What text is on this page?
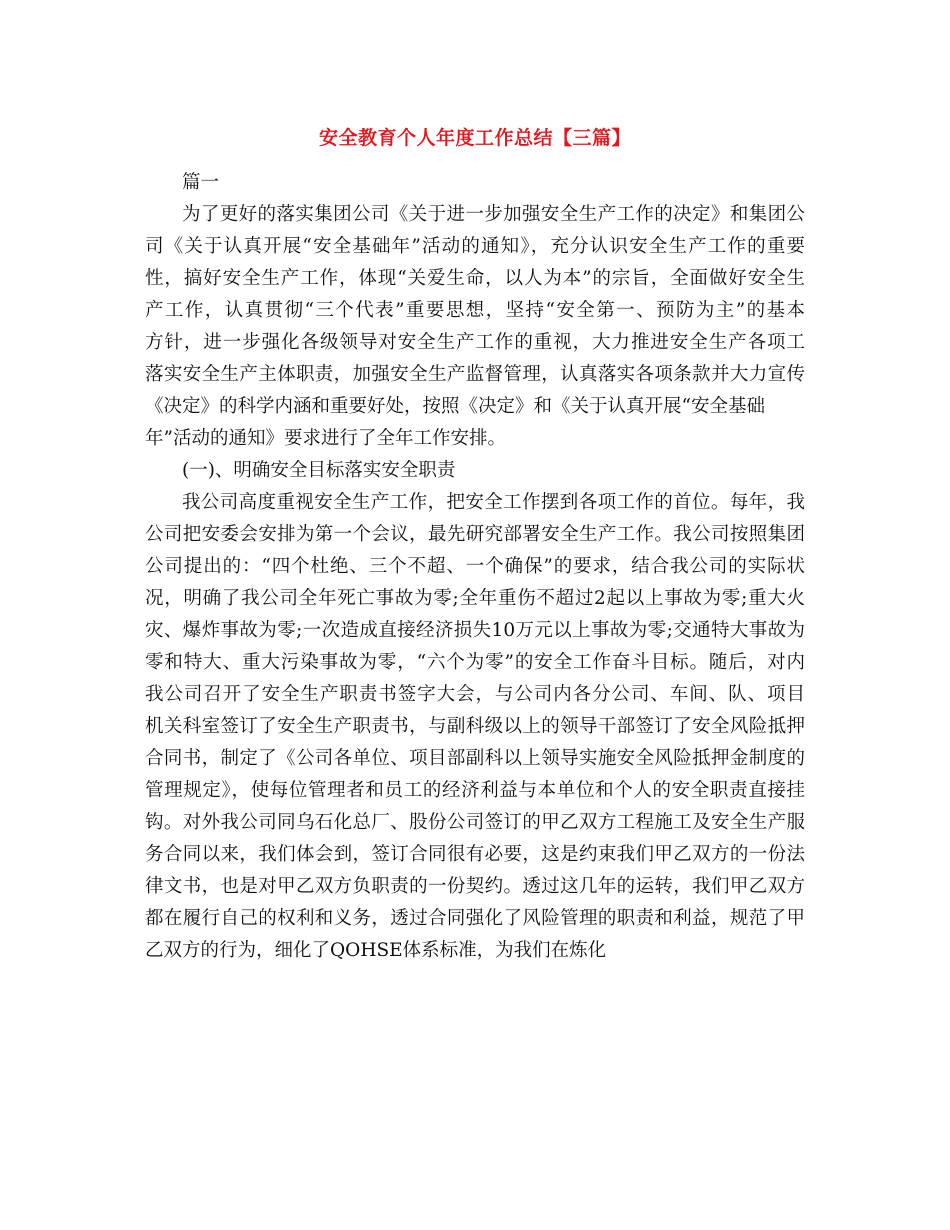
安全教育个人年度工作总结【三篇】
篇一
为了更好的落实集团公司《关于进一步加强安全生产工作的决定》和集团公
司《关于认真开展“安全基础年”活动的通知》，充分认识安全生产工作的重要
性，搞好安全生产工作，体现“关爱生命，以人为本”的宗旨，全面做好安全生
产工作，认真贯彻“三个代表”重要思想，坚持“安全第一、预防为主”的基本
方针，进一步强化各级领导对安全生产工作的重视，大力推进安全生产各项工
落实安全生产主体职责，加强安全生产监督管理，认真落实各项条款并大力宣传
《决定》的科学内涵和重要好处，按照《决定》和《关于认真开展“安全基础
年”活动的通知》要求进行了全年工作安排。
(一)、明确安全目标落实安全职责
我公司高度重视安全生产工作，把安全工作摆到各项工作的首位。每年，我
公司把安委会安排为第一个会议，最先研究部署安全生产工作。我公司按照集团
公司提出的：“四个杜绝、三个不超、一个确保”的要求，结合我公司的实际状
况，明确了我公司全年死亡事故为零;全年重伤不超过2起以上事故为零;重大火
灾、爆炸事故为零;一次造成直接经济损失10万元以上事故为零;交通特大事故为
零和特大、重大污染事故为零，“六个为零”的安全工作奋斗目标。随后，对内
我公司召开了安全生产职责书签字大会，与公司内各分公司、车间、队、项目
机关科室签订了安全生产职责书，与副科级以上的领导干部签订了安全风险抵押
合同书，制定了《公司各单位、项目部副科以上领导实施安全风险抵押金制度的
管理规定》，使每位管理者和员工的经济利益与本单位和个人的安全职责直接挂
钩。对外我公司同乌石化总厂、股份公司签订的甲乙双方工程施工及安全生产服
务合同以来，我们体会到，签订合同很有必要，这是约束我们甲乙双方的一份法
律文书，也是对甲乙双方负职责的一份契约。透过这几年的运转，我们甲乙双方
都在履行自己的权利和义务，透过合同强化了风险管理的职责和利益，规范了甲
乙双方的行为，细化了QOHSE体系标准，为我们在炼化
